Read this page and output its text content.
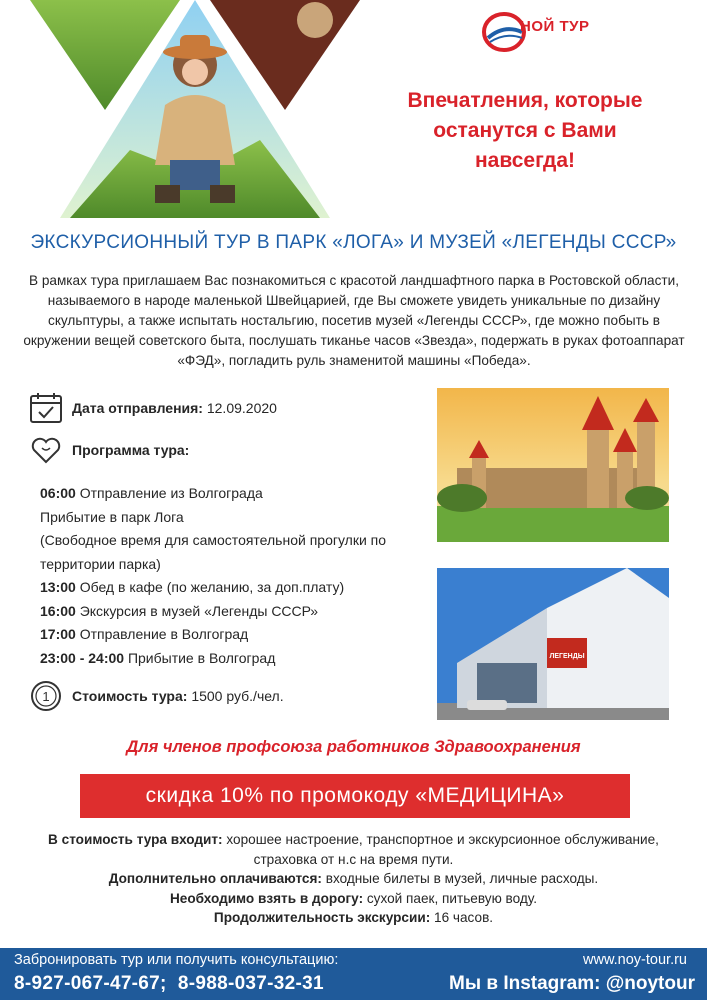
НОЙ ТУР
Впечатления, которые
останутся с Вами
навсегда!
ЭКСКУРСИОННЫЙ ТУР В ПАРК «ЛОГА» И МУЗЕЙ «ЛЕГЕНДЫ СССР»
В рамках тура приглашаем Вас познакомиться с красотой ландшафтного парка в Ростовской области, называемого в народе маленькой Швейцарией, где Вы сможете увидеть уникальные по дизайну скульптуры, а также испытать ностальгию, посетив музей «Легенды СССР», где можно побыть в окружении вещей советского быта, послушать тиканье часов «Звезда», подержать в руках фотоаппарат «ФЭД», погладить руль знаменитой машины «Победа».
Дата отправления:
12.09.2020
Программа тура:
06:00 Отправление из Волгограда
Прибытие в парк Лога
(Свободное время для самостоятельной прогулки по территории парка)
13:00 Обед в кафе (по желанию, за доп.плату)
16:00 Экскурсия в музей «Легенды СССР»
17:00 Отправление в Волгоград
23:00 - 24:00 Прибытие в Волгоград
1 Стоимость тура:
1500 руб./чел.
ЛЕГЕНДЫ
Для членов профсоюза работников Здравоохранения
скидка 10% по промокоду «МЕДИЦИНА»
В стоимость тура входит: хорошее настроение, транспортное и экскурсионное обслуживание, страховка от н.с на время пути.
Дополнительно оплачиваются: входные билеты в музей, личные расходы.
Необходимо взять в дорогу: сухой паек, питьевую воду.
Продолжительность экскурсии: 16 часов.
Забронировать тур или получить консультацию:
8-927-067-47-67; 8-988-037-32-31
www.noy-tour.ru
Мы в Instagram: @noytour
